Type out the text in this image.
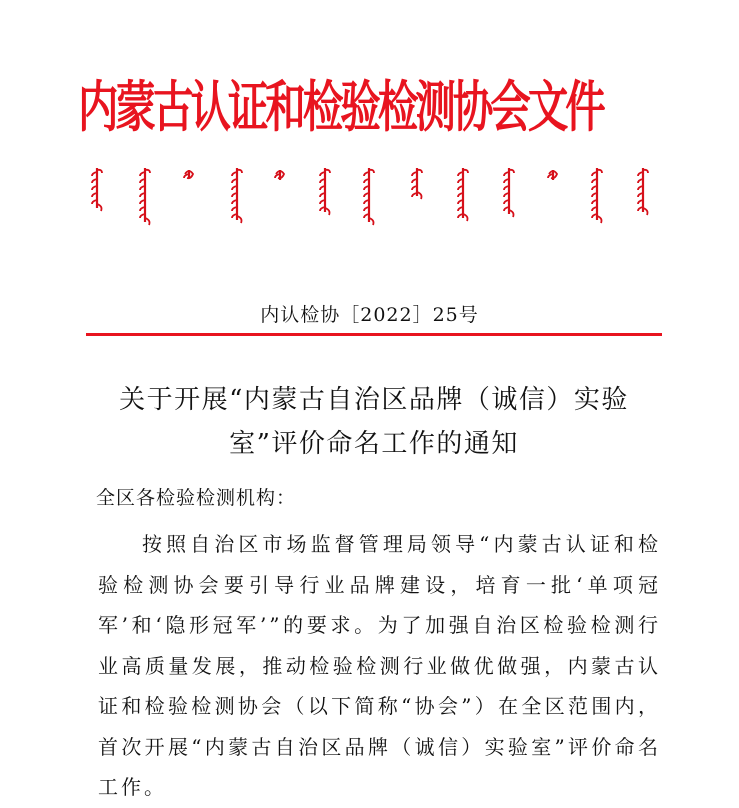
内蒙古认证和检验检测协会文件
内认检协［2022］25号
关于开展“内蒙古自治区品牌（诚信）实验室”评价命名工作的通知
全区各检验检测机构：
按照自治区市场监督管理局领导“内蒙古认证和检验检测协会要引导行业品牌建设，培育一批‘单项冠军’和‘隐形冠军’”的要求。为了加强自治区检验检测行业高质量发展，推动检验检测行业做优做强，内蒙古认证和检验检测协会（以下简称“协会”）在全区范围内，首次开展“内蒙古自治区品牌（诚信）实验室”评价命名工作。
